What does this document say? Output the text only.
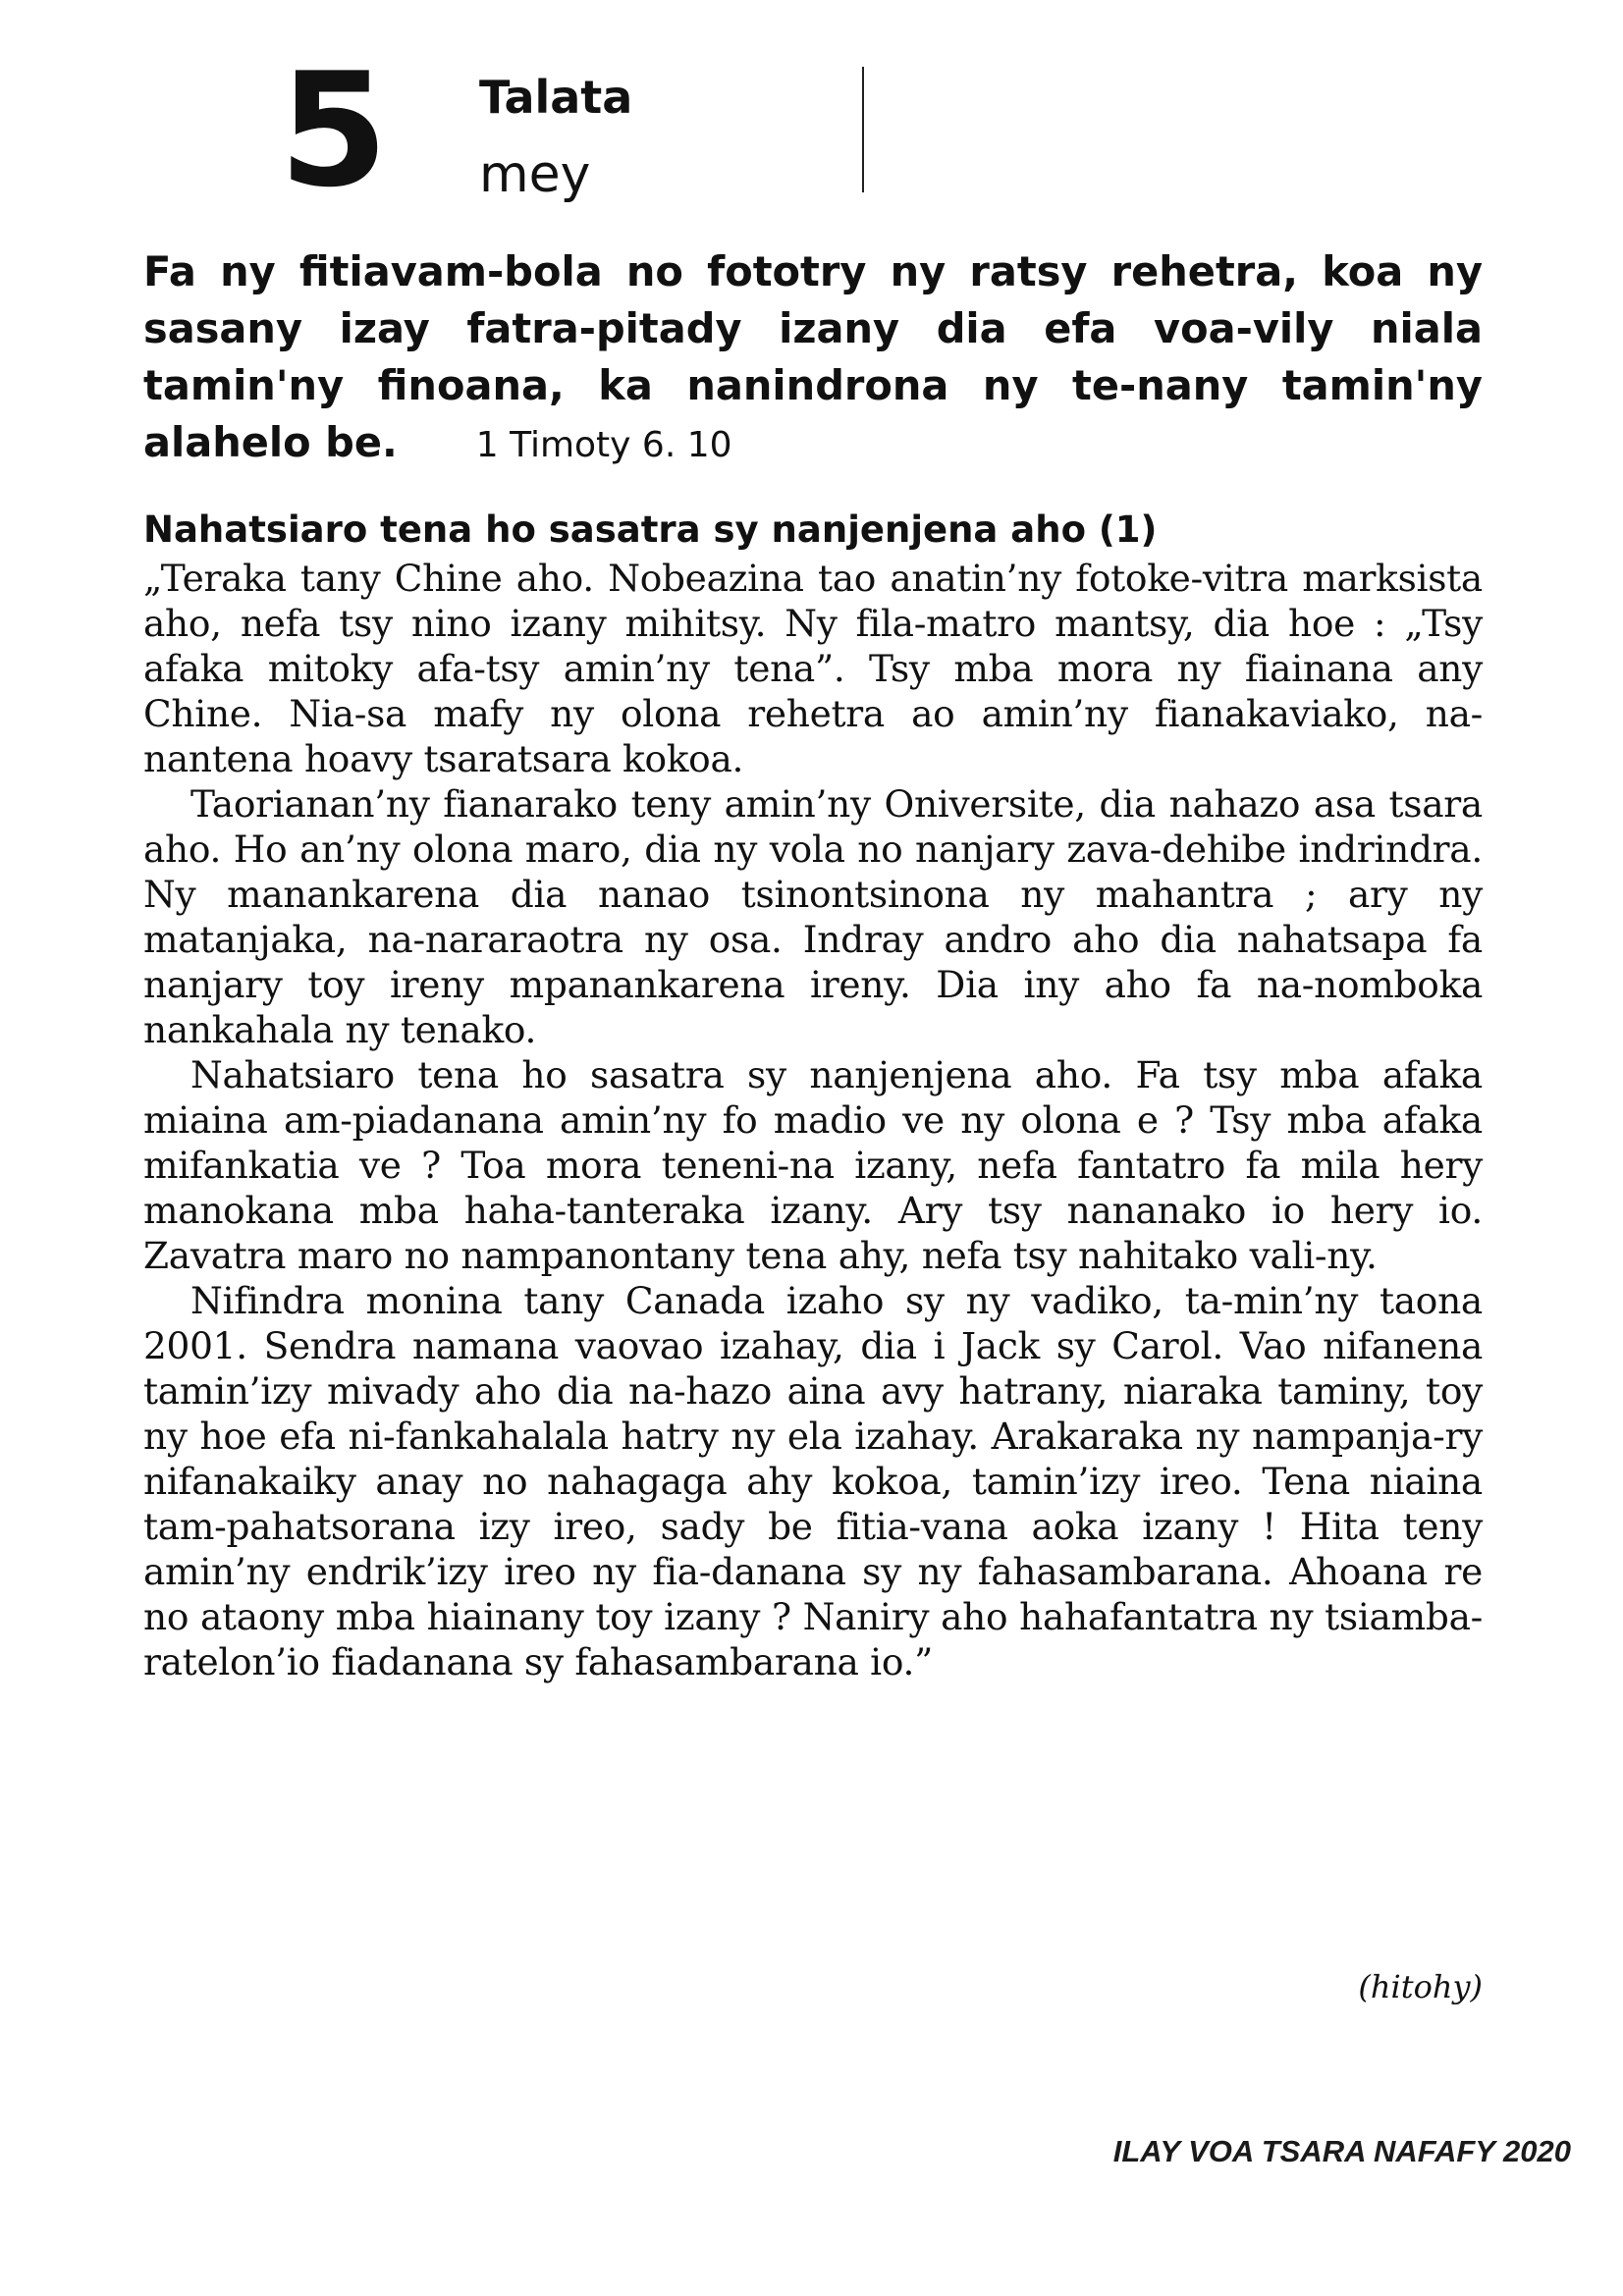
5 Talata
mey

Fa ny fitiavam-bola no fototry ny ratsy rehetra, koa ny sasany izay fatra-pitady izany dia efa voa-vily niala tamin'ny finoana, ka nanindrona ny te-nany tamin'ny alahelo be. 1 Timoty 6. 10

Nahatsiaro tena ho sasatra sy nanjenjena aho (1)

„Teraka tany Chine aho. Nobeazina tao anatin’ny fotoke-vitra marksista aho, nefa tsy nino izany mihitsy. Ny fila-matro mantsy, dia hoe : „Tsy afaka mitoky afa-tsy amin’ny tena”. Tsy mba mora ny fiainana any Chine. Nia-sa mafy ny olona rehetra ao amin’ny fianakaviako, na-nantena hoavy tsaratsara kokoa.

Taorianan’ny fianarako teny amin’ny Oniversite, dia nahazo asa tsara aho. Ho an’ny olona maro, dia ny vola no nanjary zava-dehibe indrindra. Ny manankarena dia nanao tsinontsinona ny mahantra ; ary ny matanjaka, na-nararaotra ny osa. Indray andro aho dia nahatsapa fa nanjary toy ireny mpanankarena ireny. Dia iny aho fa na-nomboka nankahala ny tenako.

Nahatsiaro tena ho sasatra sy nanjenjena aho. Fa tsy mba afaka miaina am-piadanana amin’ny fo madio ve ny olona e ? Tsy mba afaka mifankatia ve ? Toa mora teneni-na izany, nefa fantatro fa mila hery manokana mba haha-tanteraka izany. Ary tsy nananako io hery io. Zavatra maro no nampanontany tena ahy, nefa tsy nahitako vali-ny.

Nifindra monina tany Canada izaho sy ny vadiko, ta-min’ny taona 2001. Sendra namana vaovao izahay, dia i Jack sy Carol. Vao nifanena tamin’izy mivady aho dia na-hazo aina avy hatrany, niaraka taminy, toy ny hoe efa ni-fankahalala hatry ny ela izahay. Arakaraka ny nampanja-ry nifanakaiky anay no nahagaga ahy kokoa, tamin’izy ireo. Tena niaina tam-pahatsorana izy ireo, sady be fitia-vana aoka izany ! Hita teny amin’ny endrik’izy ireo ny fia-danana sy ny fahasambarana. Ahoana re no ataony mba hiainany toy izany ? Naniry aho hahafantatra ny tsiamba-ratelon’io fiadanana sy fahasambarana io.”

(hitohy)
ILAY VOA TSARA NAFAFY 2020
